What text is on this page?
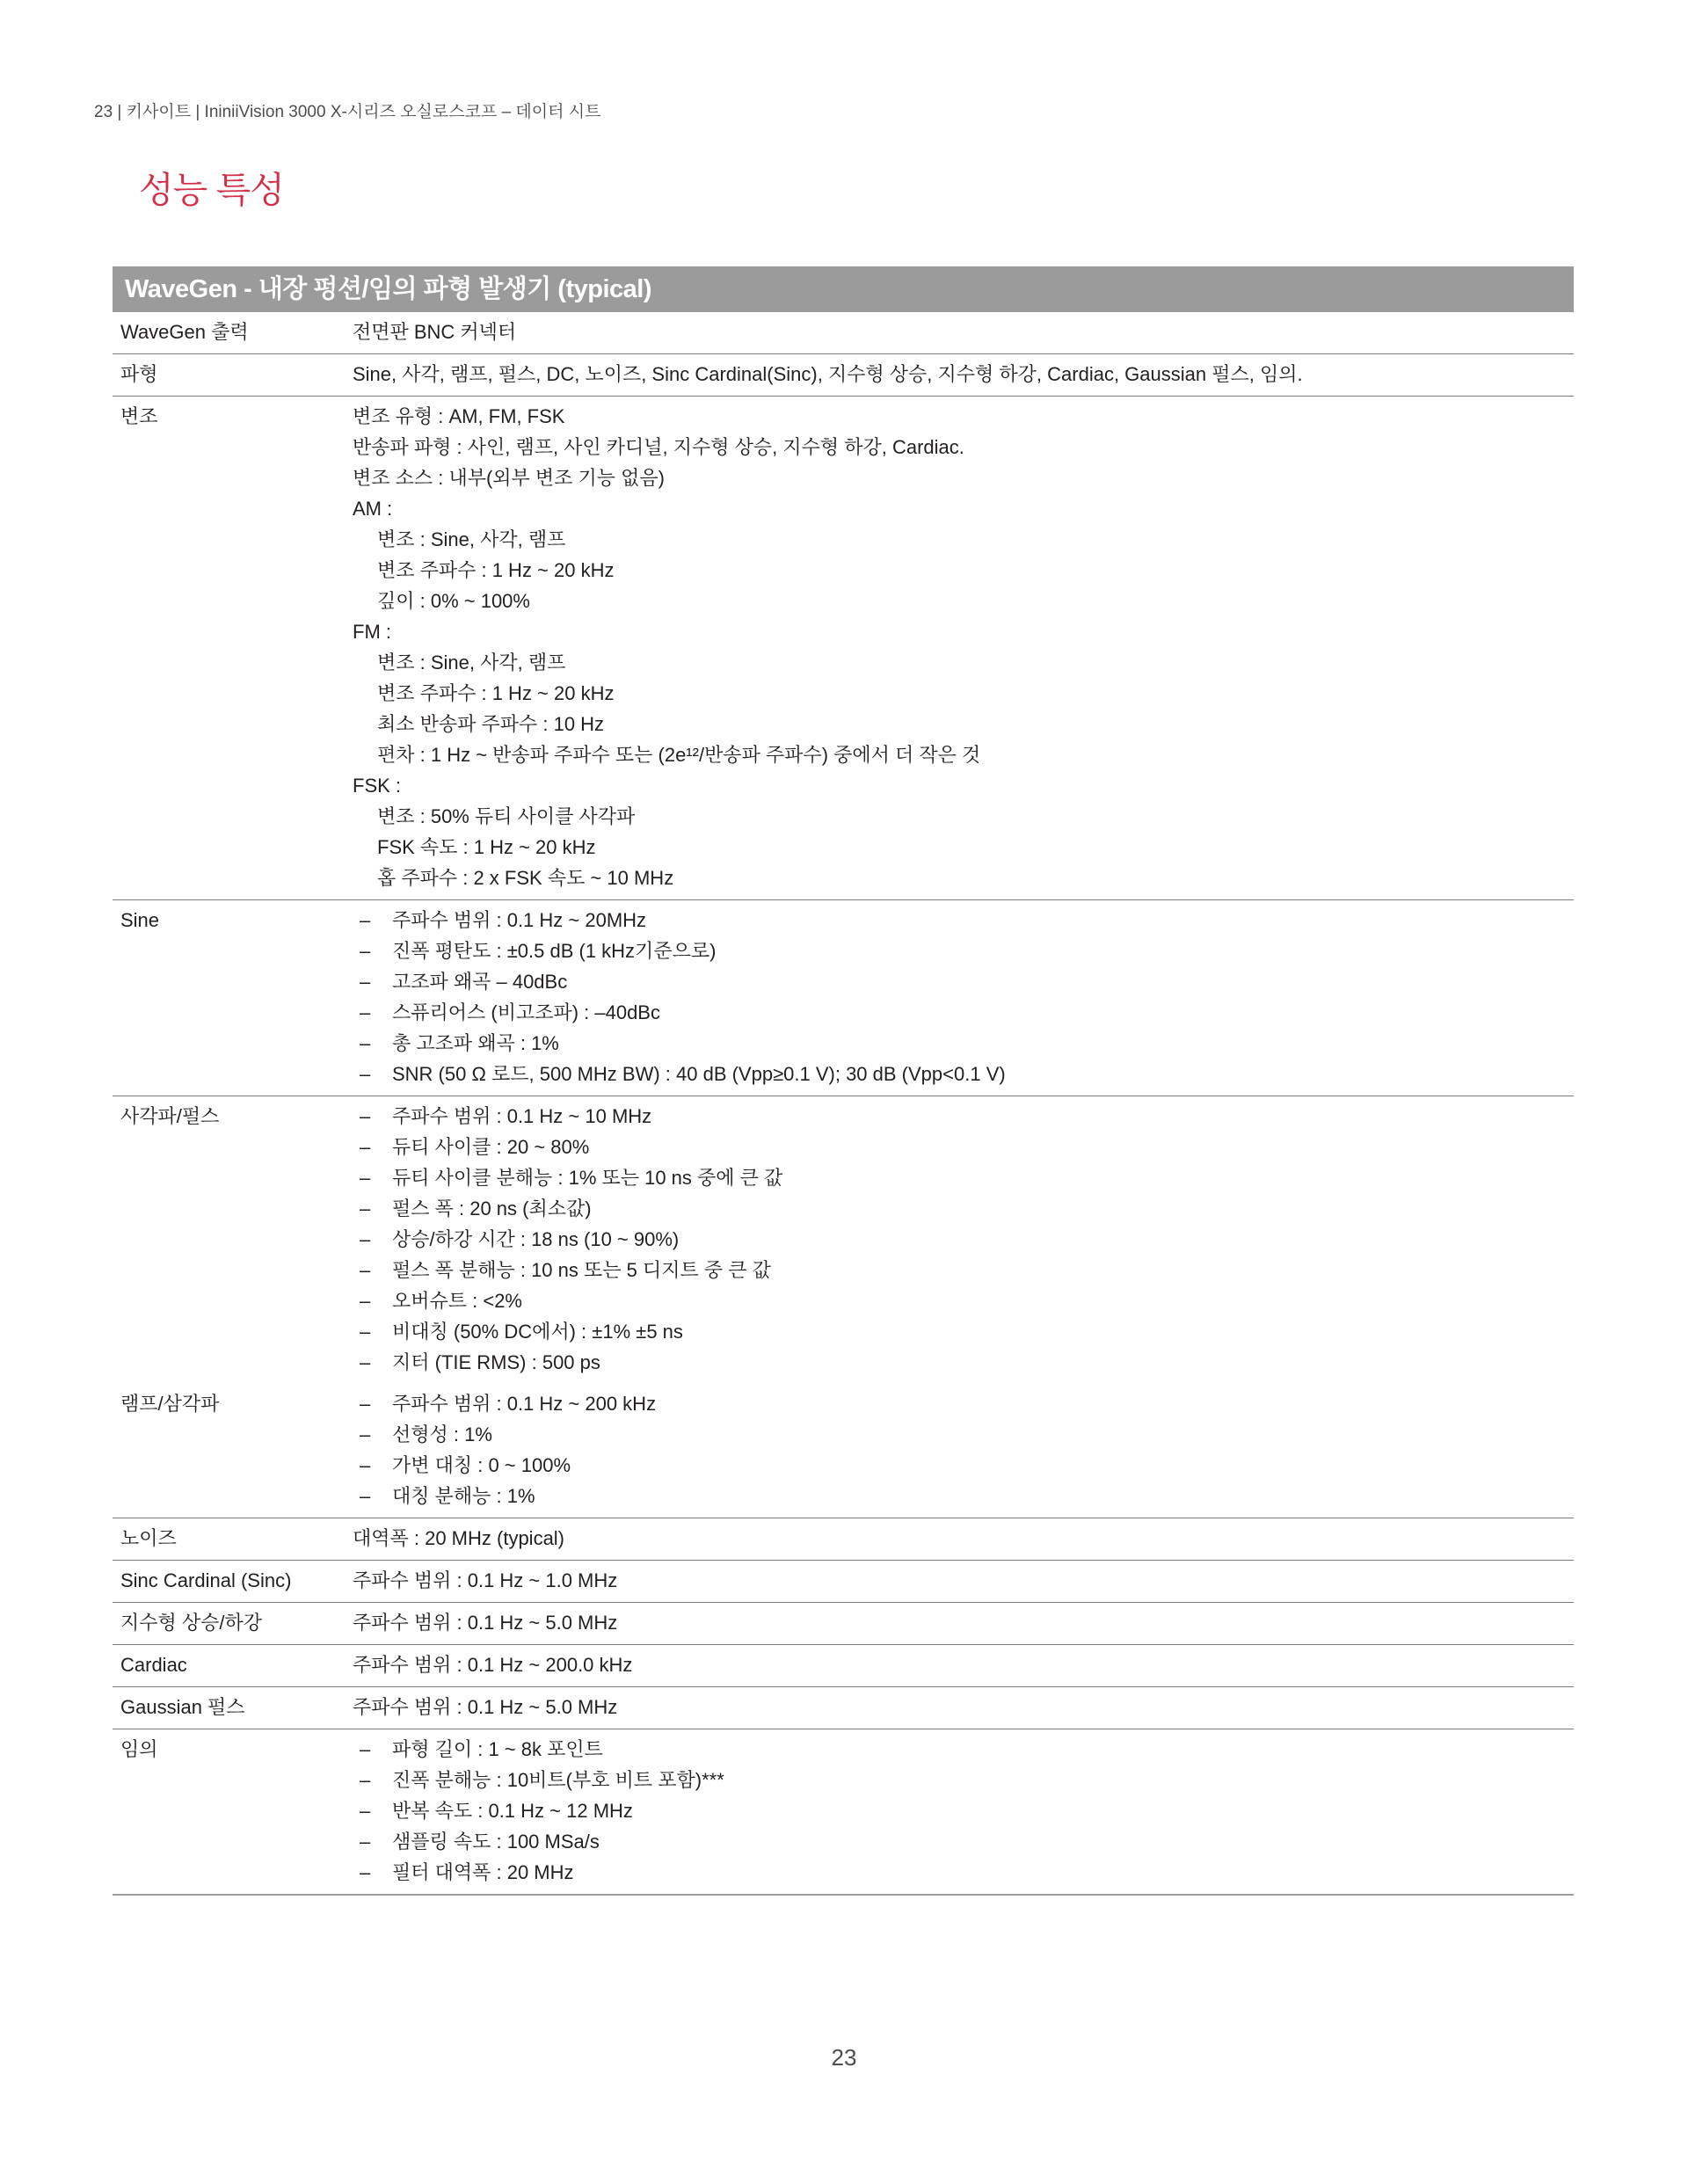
23 | 키사이트 | IniniiVision 3000 X-시리즈 오실로스코프 – 데이터 시트
성능 특성
WaveGen - 내장 펑션/임의 파형 발생기 (typical)
WaveGen 출력	전면판 BNC 커넥터
파형	Sine, 사각, 램프, 펄스, DC, 노이즈, Sinc Cardinal(Sinc), 지수형 상승, 지수형 하강, Cardiac, Gaussian 펄스, 임의.
변조	변조 유형 : AM, FM, FSK
반송파 파형 : 사인, 램프, 사인 카디널, 지수형 상승, 지수형 하강, Cardiac.
변조 소스 : 내부(외부 변조 기능 없음)
AM :
변조 : Sine, 사각, 램프
변조 주파수 : 1 Hz ~ 20 kHz
깊이 : 0% ~ 100%
FM :
변조 : Sine, 사각, 램프
변조 주파수 : 1 Hz ~ 20 kHz
최소 반송파 주파수 : 10 Hz
편차 : 1 Hz ~ 반송파 주파수 또는 (2e¹²/반송파 주파수) 중에서 더 작은 것
FSK :
변조 : 50% 듀티 사이클 사각파
FSK 속도 : 1 Hz ~ 20 kHz
홉 주파수 : 2 x FSK 속도 ~ 10 MHz
Sine	– 주파수 범위 : 0.1 Hz ~ 20MHz
– 진폭 평탄도 : ±0.5 dB (1 kHz기준으로)
– 고조파 왜곡 – 40dBc
– 스퓨리어스 (비고조파) : –40dBc
– 총 고조파 왜곡 : 1%
– SNR (50 Ω 로드, 500 MHz BW) : 40 dB (Vpp≥0.1 V); 30 dB (Vpp<0.1 V)
사각파/펄스	– 주파수 범위 : 0.1 Hz ~ 10 MHz
– 듀티 사이클 : 20 ~ 80%
– 듀티 사이클 분해능 : 1% 또는 10 ns 중에 큰 값
– 펄스 폭 : 20 ns (최소값)
– 상승/하강 시간 : 18 ns (10 ~ 90%)
– 펄스 폭 분해능 : 10 ns 또는 5 디지트 중 큰 값
– 오버슈트 : <2%
– 비대칭 (50% DC에서) : ±1% ±5 ns
– 지터 (TIE RMS) : 500 ps
램프/삼각파	– 주파수 범위 : 0.1 Hz ~ 200 kHz
– 선형성 : 1%
– 가변 대칭 : 0 ~ 100%
– 대칭 분해능 : 1%
노이즈	대역폭 : 20 MHz (typical)
Sinc Cardinal (Sinc)	주파수 범위 : 0.1 Hz ~ 1.0 MHz
지수형 상승/하강	주파수 범위 : 0.1 Hz ~ 5.0 MHz
Cardiac	주파수 범위 : 0.1 Hz ~ 200.0 kHz
Gaussian 펄스	주파수 범위 : 0.1 Hz ~ 5.0 MHz
임의	– 파형 길이 : 1 ~ 8k 포인트
– 진폭 분해능 : 10비트(부호 비트 포함)***
– 반복 속도 : 0.1 Hz ~ 12 MHz
– 샘플링 속도 : 100 MSa/s
– 필터 대역폭 : 20 MHz
23
